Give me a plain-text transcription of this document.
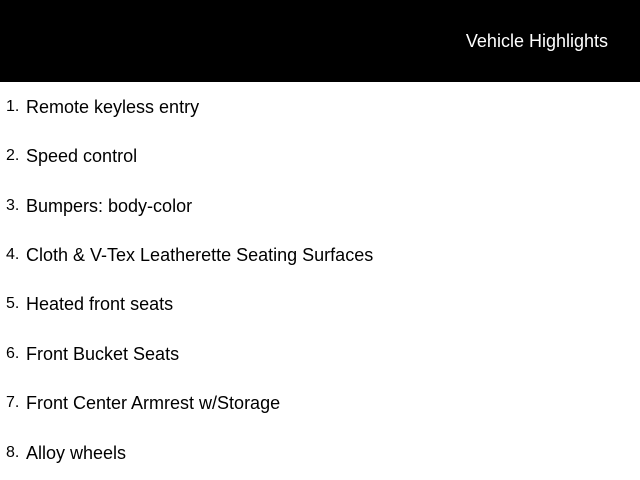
Vehicle Highlights
1. Remote keyless entry
2. Speed control
3. Bumpers: body-color
4. Cloth & V-Tex Leatherette Seating Surfaces
5. Heated front seats
6. Front Bucket Seats
7. Front Center Armrest w/Storage
8. Alloy wheels
